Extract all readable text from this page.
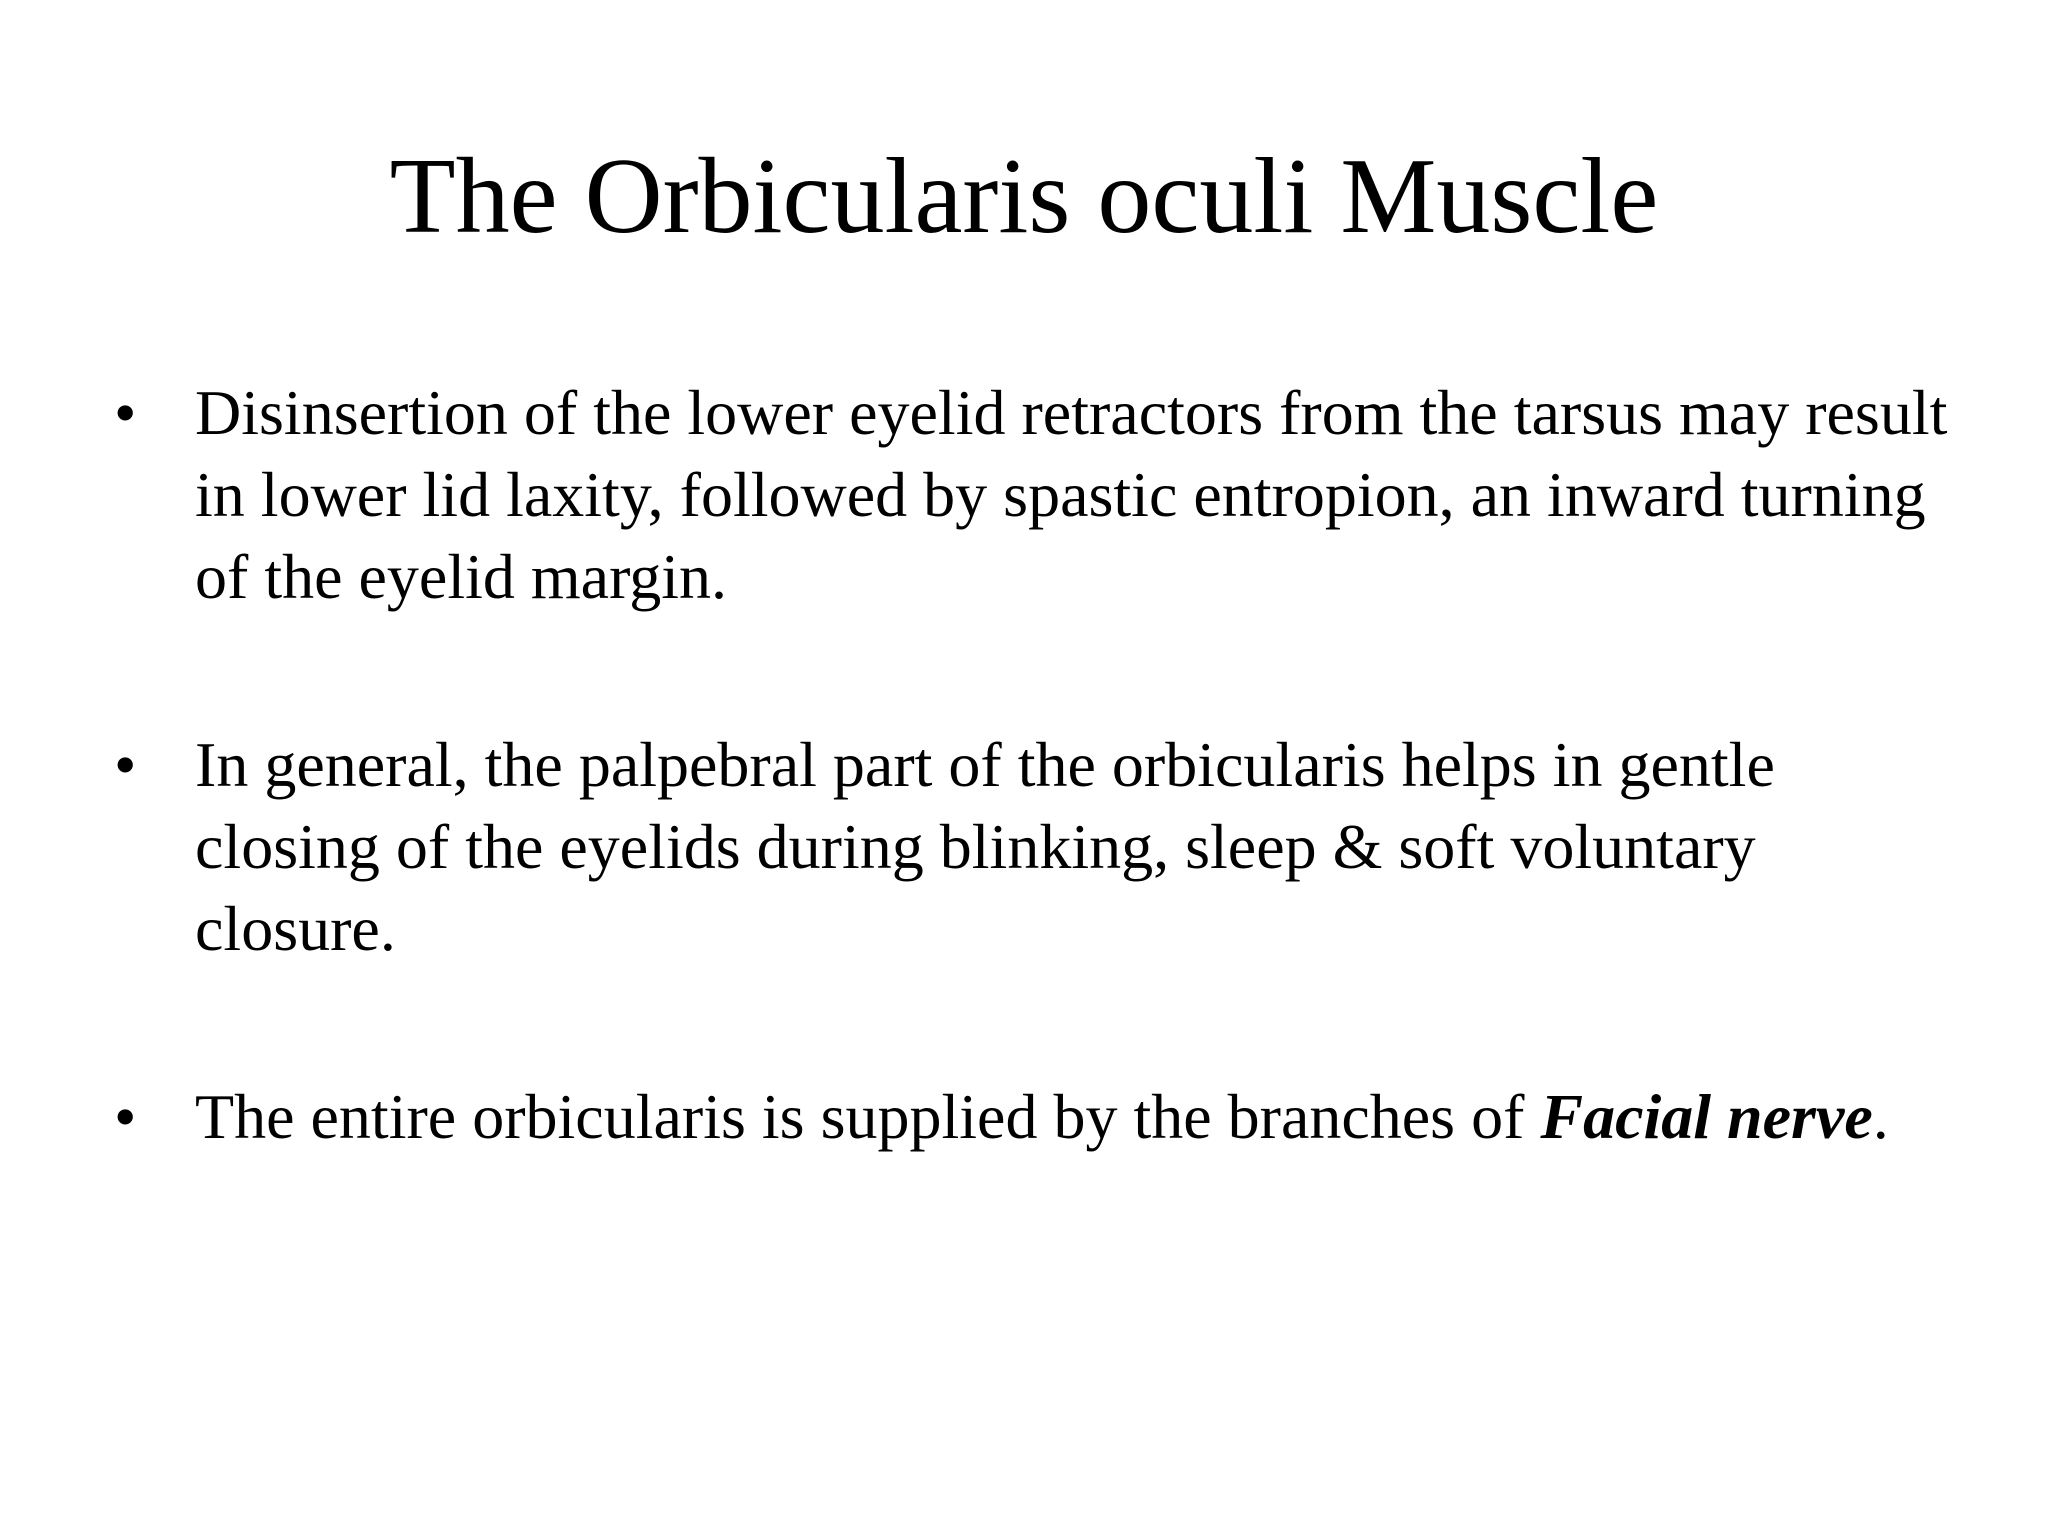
The Orbicularis oculi Muscle
• Disinsertion of the lower eyelid retractors from the tarsus may result in lower lid laxity, followed by spastic entropion, an inward turning of the eyelid margin.
• In general, the palpebral part of the orbicularis helps in gentle closing of the eyelids during blinking, sleep & soft voluntary closure.
• The entire orbicularis is supplied by the branches of Facial nerve.
